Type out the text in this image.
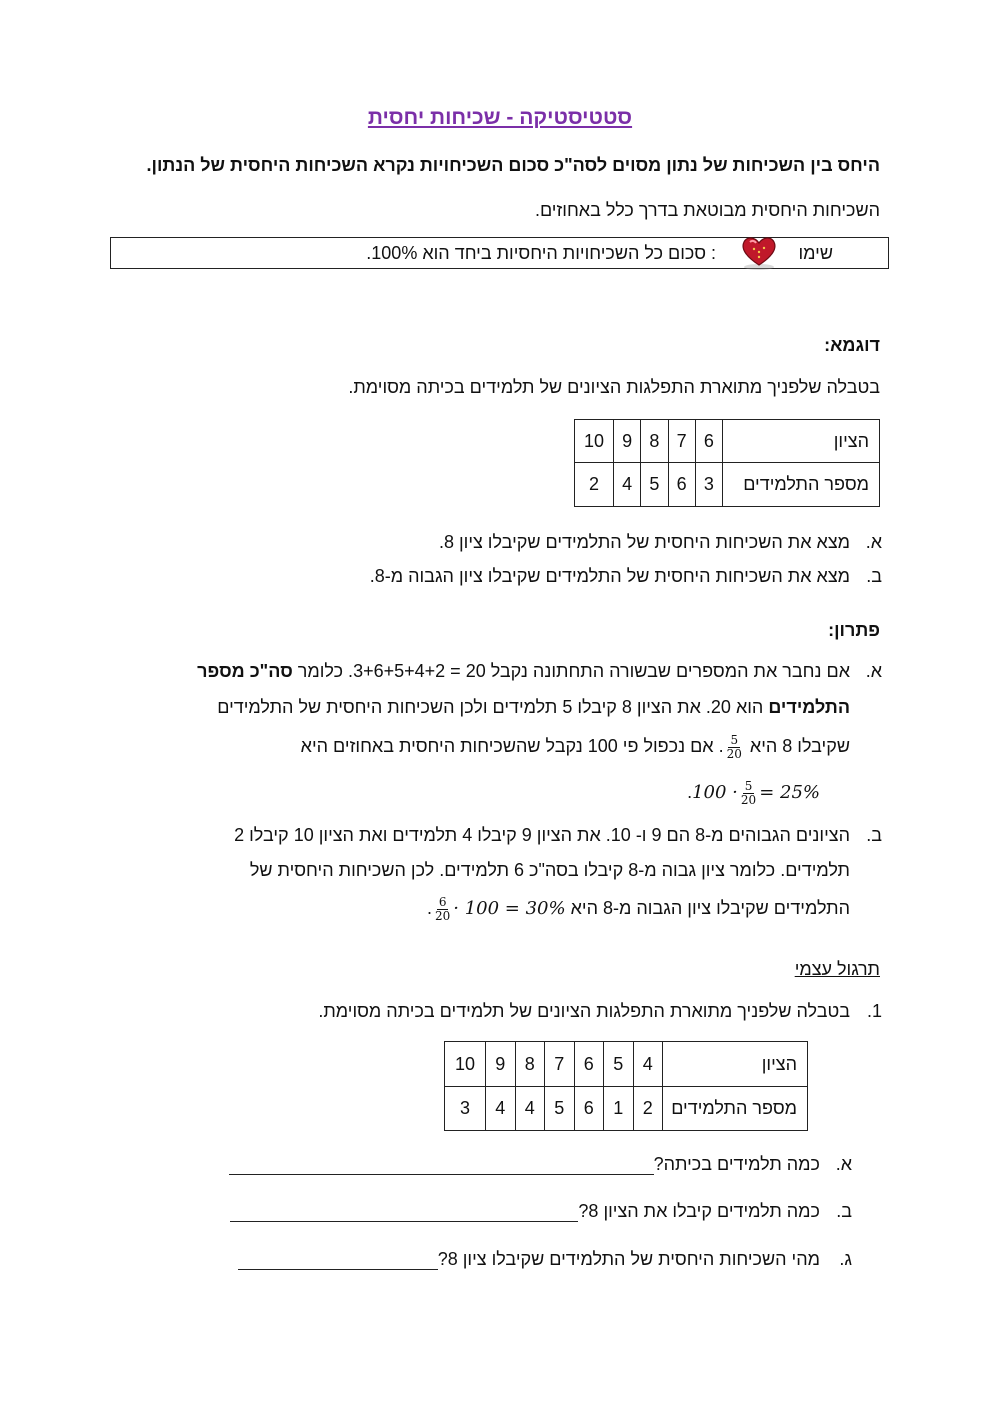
סטטיסטיקה - שכיחות יחסית
היחס בין השכיחות של נתון מסוים לסה"כ סכום השכיחויות נקרא השכיחות היחסית של הנתון.
השכיחות היחסית מבוטאת בדרך כלל באחוזים.
שימו
: סכום כל השכיחויות היחסיות ביחד הוא 100%.
דוגמא:
בטבלה שלפניך מתוארת התפלגות הציונים של תלמידים בכיתה מסוימת.
הציון	6	7	8	9	10
מספר התלמידים	3	6	5	4	2
א.
מצא את השכיחות היחסית של התלמידים שקיבלו ציון 8.
ב.
מצא את השכיחות היחסית של התלמידים שקיבלו ציון הגבוה מ-8.
פתרון:
א.
אם נחבר את המספרים שבשורה התחתונה נקבל 20 = 3+6+5+4+2. כלומר סה"כ מספר
התלמידים הוא 20. את הציון 8 קיבלו 5 תלמידים ולכן השכיחות היחסית של התלמידים
שקיבלו 8 היא
$\frac{5}{20}$
. אם נכפול פי 100 נקבל שהשכיחות היחסית באחוזים היא
$.100 \cdot \frac{5}{20} = 25\%$
ב.
הציונים הגבוהים מ-8 הם 9 ו- 10. את הציון 9 קיבלו 4 תלמידים ואת הציון 10 קיבלו 2
תלמידים. כלומר ציון גבוה מ-8 קיבלו בסה"כ 6 תלמידים. לכן השכיחות היחסית של
התלמידים שקיבלו ציון הגבוה מ-8 היא
$\frac{6}{20} \cdot 100 = 30\%$.
תרגול עצמי
1.
בטבלה שלפניך מתוארת התפלגות הציונים של תלמידים בכיתה מסוימת.
הציון	4	5	6	7	8	9	10
מספר התלמידים	2	1	6	5	4	4	3
א.
כמה תלמידים בכיתה?
ב.
כמה תלמידים קיבלו את הציון 8?
ג.
מהי השכיחות היחסית של התלמידים שקיבלו ציון 8?
